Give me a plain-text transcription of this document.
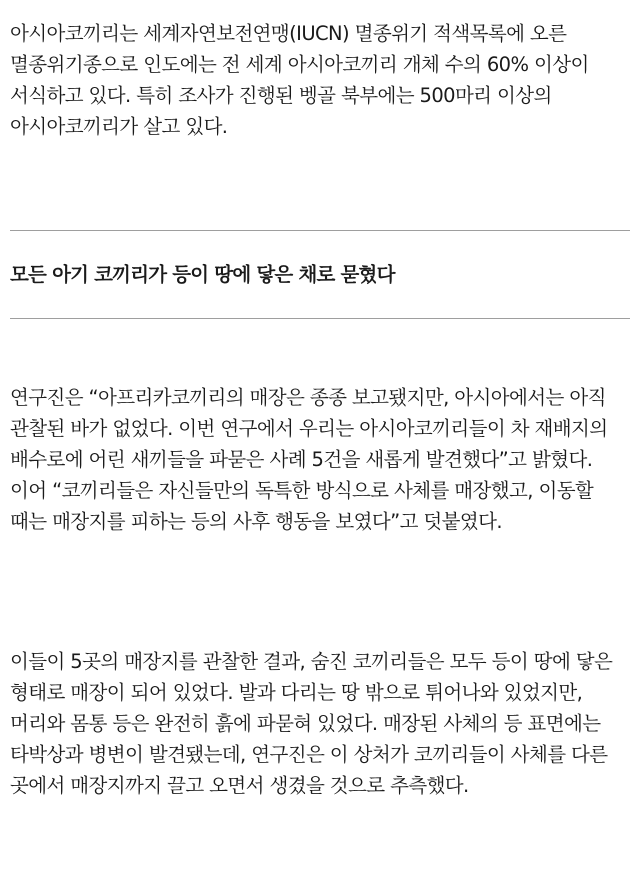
아시아코끼리는 세계자연보전연맹(IUCN) 멸종위기 적색목록에 오른 멸종위기종으로 인도에는 전 세계 아시아코끼리 개체 수의 60% 이상이 서식하고 있다. 특히 조사가 진행된 벵골 북부에는 500마리 이상의 아시아코끼리가 살고 있다.

모든 아기 코끼리가 등이 땅에 닿은 채로 묻혔다

연구진은 “아프리카코끼리의 매장은 종종 보고됐지만, 아시아에서는 아직 관찰된 바가 없었다. 이번 연구에서 우리는 아시아코끼리들이 차 재배지의 배수로에 어린 새끼들을 파묻은 사례 5건을 새롭게 발견했다”고 밝혔다. 이어 “코끼리들은 자신들만의 독특한 방식으로 사체를 매장했고, 이동할 때는 매장지를 피하는 등의 사후 행동을 보였다”고 덧붙였다.

이들이 5곳의 매장지를 관찰한 결과, 숨진 코끼리들은 모두 등이 땅에 닿은 형태로 매장이 되어 있었다. 발과 다리는 땅 밖으로 튀어나와 있었지만, 머리와 몸통 등은 완전히 흙에 파묻혀 있었다. 매장된 사체의 등 표면에는 타박상과 병변이 발견됐는데, 연구진은 이 상처가 코끼리들이 사체를 다른 곳에서 매장지까지 끌고 오면서 생겼을 것으로 추측했다.
